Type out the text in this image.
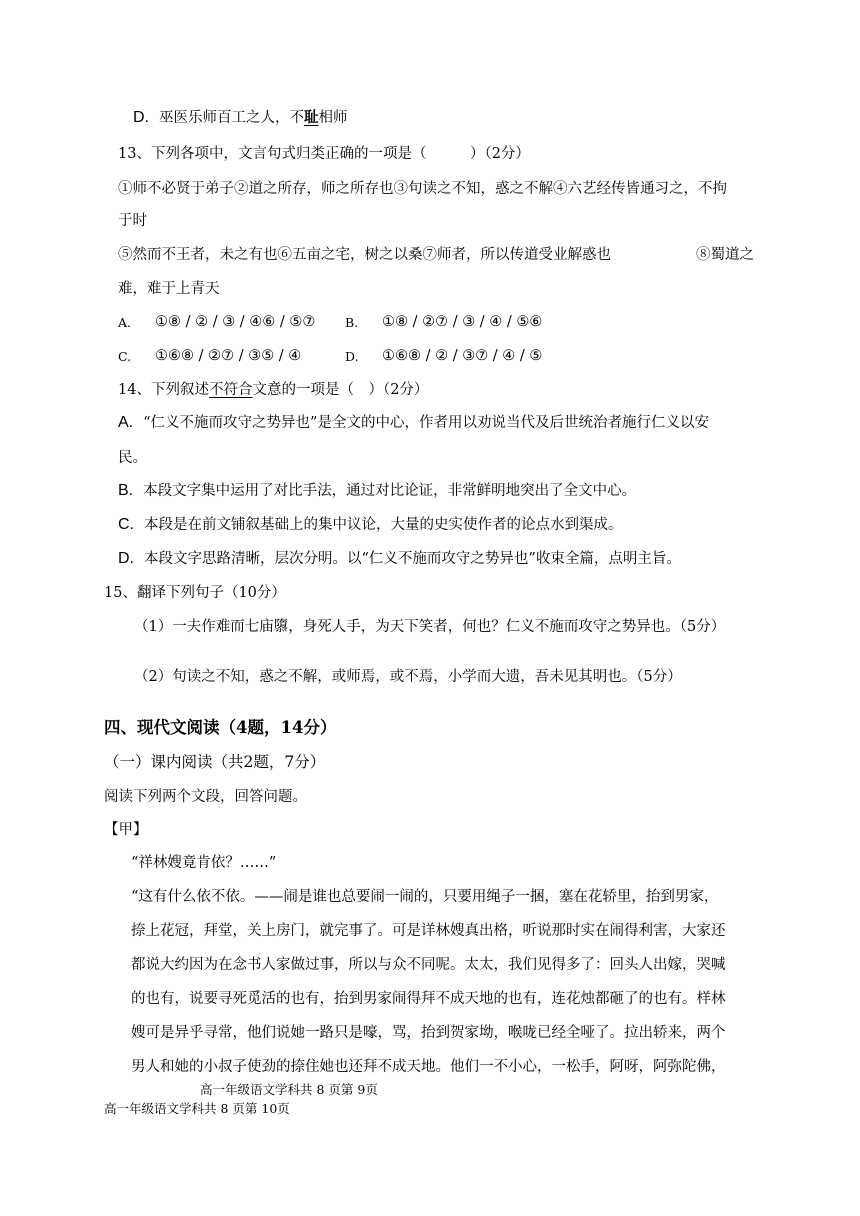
D. 巫医乐师百工之人，不耻相师
13、下列各项中，文言句式归类正确的一项是（　　　）（2分）
①师不必贤于弟子②道之所存，师之所存也③句读之不知，惑之不解④六艺经传皆通习之，不拘
于时
⑤然而不王者，未之有也⑥五亩之宅，树之以桑⑦师者，所以传道受业解惑也	⑧蜀道之
难，难于上青天
A. ①⑧ / ② / ③ / ④⑥ / ⑤⑦ B. ①⑧ / ②⑦ / ③ / ④ / ⑤⑥
C. ①⑥⑧ / ②⑦ / ③⑤ / ④	D. ①⑥⑧ / ② / ③⑦ / ④ / ⑤
14、下列叙述不符合文意的一项是（　）（2分）
A. “仁义不施而攻守之势异也”是全文的中心，作者用以劝说当代及后世统治者施行仁义以安
民。
B. 本段文字集中运用了对比手法，通过对比论证，非常鲜明地突出了全文中心。
C. 本段是在前文铺叙基础上的集中议论，大量的史实使作者的论点水到渠成。
D. 本段文字思路清晰，层次分明。以“仁义不施而攻守之势异也”收束全篇，点明主旨。
15、翻译下列句子（10分）
（1）一夫作难而七庙隳，身死人手，为天下笑者，何也？仁义不施而攻守之势异也。（5分）
（2）句读之不知，惑之不解，或师焉，或不焉，小学而大遗，吾未见其明也。（5分）
四、现代文阅读（4题，14分）
（一）课内阅读（共2题，7分）
阅读下列两个文段，回答问题。
【甲】
“祥林嫂竟肯依？……”
“这有什么依不依。——闹是谁也总要闹一闹的，只要用绳子一捆，塞在花轿里，抬到男家，
捺上花冠，拜堂，关上房门，就完事了。可是详林嫂真出格，听说那时实在闹得利害，大家还
都说大约因为在念书人家做过事，所以与众不同呢。太太，我们见得多了：回头人出嫁，哭喊
的也有，说要寻死觅活的也有，抬到男家闹得拜不成天地的也有，连花烛都砸了的也有。样林
嫂可是异乎寻常，他们说她一路只是嚎，骂，抬到贺家坳，喉咙已经全哑了。拉出轿来，两个
男人和她的小叔子使劲的捺住她也还拜不成天地。他们一不小心，一松手，阿呀，阿弥陀佛，
高一年级语文学科共 8 页第 9页
高一年级语文学科共 8 页第 10页
